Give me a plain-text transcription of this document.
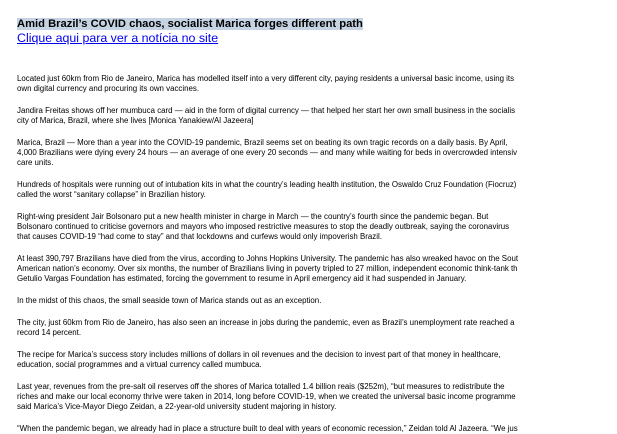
Amid Brazil’s COVID chaos, socialist Marica forges different path
Clique aqui para ver a notícia no site

Located just 60km from Rio de Janeiro, Marica has modelled itself into a very different city, paying residents a universal basic income, using its
own digital currency and procuring its own vaccines.

Jandira Freitas shows off her mumbuca card — aid in the form of digital currency — that helped her start her own small business in the socialis
city of Marica, Brazil, where she lives [Monica Yanakiew/Al Jazeera]

Marica, Brazil — More than a year into the COVID-19 pandemic, Brazil seems set on beating its own tragic records on a daily basis. By April,
4,000 Brazilians were dying every 24 hours — an average of one every 20 seconds — and many while waiting for beds in overcrowded intensiv
care units.

Hundreds of hospitals were running out of intubation kits in what the country’s leading health institution, the Oswaldo Cruz Foundation (Fiocruz)
called the worst “sanitary collapse” in Brazilian history.

Right-wing president Jair Bolsonaro put a new health minister in charge in March — the country’s fourth since the pandemic began. But
Bolsonaro continued to criticise governors and mayors who imposed restrictive measures to stop the deadly outbreak, saying the coronavirus
that causes COVID-19 “had come to stay” and that lockdowns and curfews would only impoverish Brazil.

At least 390,797 Brazilians have died from the virus, according to Johns Hopkins University. The pandemic has also wreaked havoc on the Sout
American nation’s economy. Over six months, the number of Brazilians living in poverty tripled to 27 million, independent economic think-tank th
Getulio Vargas Foundation has estimated, forcing the government to resume in April emergency aid it had suspended in January.

In the midst of this chaos, the small seaside town of Marica stands out as an exception.

The city, just 60km from Rio de Janeiro, has also seen an increase in jobs during the pandemic, even as Brazil’s unemployment rate reached a
record 14 percent.

The recipe for Marica’s success story includes millions of dollars in oil revenues and the decision to invest part of that money in healthcare,
education, social programmes and a virtual currency called mumbuca.

Last year, revenues from the pre-salt oil reserves off the shores of Marica totalled 1.4 billion reais ($252m), “but measures to redistribute the
riches and make our local economy thrive were taken in 2014, long before COVID-19, when we created the universal basic income programme
said Marica’s Vice-Mayor Diego Zeidan, a 22-year-old university student majoring in history.

“When the pandemic began, we already had in place a structure built to deal with years of economic recession,” Zeidan told Al Jazeera. “We jus
